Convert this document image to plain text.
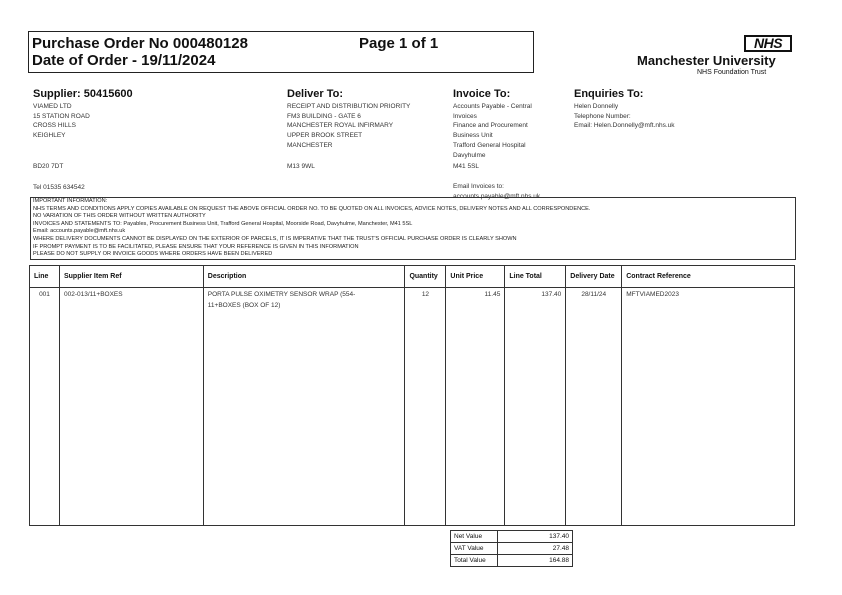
Purchase Order No 000480128
Date of Order - 19/11/2024
Page 1 of 1	NHS
Manchester University
NHS Foundation Trust
Supplier: 50415600
VIAMED LTD
15 STATION ROAD
CROSS HILLS
KEIGHLEY
BD20 7DT
Tel 01535 634542
Deliver To:
RECEIPT AND DISTRIBUTION PRIORITY
FM3 BUILDING - GATE 6
MANCHESTER ROYAL INFIRMARY
UPPER BROOK STREET
MANCHESTER
M13 9WL
Invoice To:
Accounts Payable - Central
Invoices
Finance and Procurement
Business Unit
Trafford General Hospital
Davyhulme
M41 5SL
Email Invoices to:
accounts.payable@mft.nhs.uk
Enquiries To:
Helen Donnelly
Telephone Number:
Email: Helen.Donnelly@mft.nhs.uk
IMPORTANT INFORMATION:
NHS TERMS AND CONDITIONS APPLY COPIES AVAILABLE ON REQUEST THE ABOVE OFFICIAL ORDER NO. TO BE QUOTED ON ALL INVOICES, ADVICE NOTES, DELIVERY NOTES AND ALL CORRESPONDENCE.
NO VARIATION OF THIS ORDER WITHOUT WRITTEN AUTHORITY
INVOICES AND STATEMENTS TO: Payables, Procurement Business Unit, Trafford General Hospital, Moorside Road, Davyhulme, Manchester, M41 5SL
Email: accounts.payable@mft.nhs.uk
WHERE DELIVERY DOCUMENTS CANNOT BE DISPLAYED ON THE EXTERIOR OF PARCELS, IT IS IMPERATIVE THAT THE TRUST'S OFFICIAL PURCHASE ORDER IS CLEARLY SHOWN
IF PROMPT PAYMENT IS TO BE FACILITATED, PLEASE ENSURE THAT YOUR REFERENCE IS GIVEN IN THIS INFORMATION
PLEASE DO NOT SUPPLY OR INVOICE GOODS WHERE ORDERS HAVE BEEN DELIVERED
Line	Supplier Item Ref	Description	Quantity	Unit Price	Line Total	Delivery Date	Contract Reference
001	002-013/11+BOXES	PORTA PULSE OXIMETRY SENSOR WRAP (554-
11+BOXES (BOX OF 12)	12	11.45	137.40	28/11/24	MFTVIAMED2023

Net Value	137.40
VAT Value	27.48
Total Value	164.88
